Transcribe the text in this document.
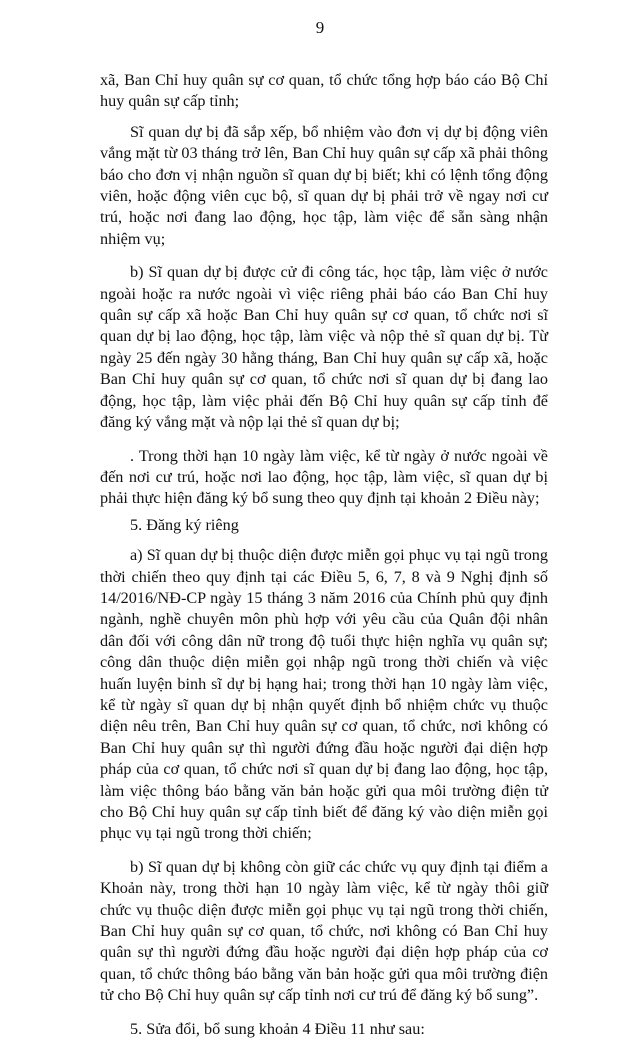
9

xã, Ban Chỉ huy quân sự cơ quan, tổ chức tổng hợp báo cáo Bộ Chỉ huy quân sự cấp tỉnh;

Sĩ quan dự bị đã sắp xếp, bổ nhiệm vào đơn vị dự bị động viên vắng mặt từ 03 tháng trở lên, Ban Chỉ huy quân sự cấp xã phải thông báo cho đơn vị nhận nguồn sĩ quan dự bị biết; khi có lệnh tổng động viên, hoặc động viên cục bộ, sĩ quan dự bị phải trở về ngay nơi cư trú, hoặc nơi đang lao động, học tập, làm việc để sẵn sàng nhận nhiệm vụ;

b) Sĩ quan dự bị được cử đi công tác, học tập, làm việc ở nước ngoài hoặc ra nước ngoài vì việc riêng phải báo cáo Ban Chỉ huy quân sự cấp xã hoặc Ban Chỉ huy quân sự cơ quan, tổ chức nơi sĩ quan dự bị lao động, học tập, làm việc và nộp thẻ sĩ quan dự bị. Từ ngày 25 đến ngày 30 hằng tháng, Ban Chỉ huy quân sự cấp xã, hoặc Ban Chỉ huy quân sự cơ quan, tổ chức nơi sĩ quan dự bị đang lao động, học tập, làm việc phải đến Bộ Chỉ huy quân sự cấp tỉnh để đăng ký vắng mặt và nộp lại thẻ sĩ quan dự bị;

. Trong thời hạn 10 ngày làm việc, kể từ ngày ở nước ngoài về đến nơi cư trú, hoặc nơi lao động, học tập, làm việc, sĩ quan dự bị phải thực hiện đăng ký bổ sung theo quy định tại khoản 2 Điều này;

5. Đăng ký riêng

a) Sĩ quan dự bị thuộc diện được miễn gọi phục vụ tại ngũ trong thời chiến theo quy định tại các Điều 5, 6, 7, 8 và 9 Nghị định số 14/2016/NĐ-CP ngày 15 tháng 3 năm 2016 của Chính phủ quy định ngành, nghề chuyên môn phù hợp với yêu cầu của Quân đội nhân dân đối với công dân nữ trong độ tuổi thực hiện nghĩa vụ quân sự; công dân thuộc diện miễn gọi nhập ngũ trong thời chiến và việc huấn luyện binh sĩ dự bị hạng hai; trong thời hạn 10 ngày làm việc, kể từ ngày sĩ quan dự bị nhận quyết định bổ nhiệm chức vụ thuộc diện nêu trên, Ban Chỉ huy quân sự cơ quan, tổ chức, nơi không có Ban Chỉ huy quân sự thì người đứng đầu hoặc người đại diện hợp pháp của cơ quan, tổ chức nơi sĩ quan dự bị đang lao động, học tập, làm việc thông báo bằng văn bản hoặc gửi qua môi trường điện tử cho Bộ Chỉ huy quân sự cấp tỉnh biết để đăng ký vào diện miễn gọi phục vụ tại ngũ trong thời chiến;

b) Sĩ quan dự bị không còn giữ các chức vụ quy định tại điểm a Khoản này, trong thời hạn 10 ngày làm việc, kể từ ngày thôi giữ chức vụ thuộc diện được miễn gọi phục vụ tại ngũ trong thời chiến, Ban Chỉ huy quân sự cơ quan, tổ chức, nơi không có Ban Chỉ huy quân sự thì người đứng đầu hoặc người đại diện hợp pháp của cơ quan, tổ chức thông báo bằng văn bản hoặc gửi qua môi trường điện tử cho Bộ Chỉ huy quân sự cấp tỉnh nơi cư trú để đăng ký bổ sung”.

5. Sửa đổi, bổ sung khoản 4 Điều 11 như sau:
